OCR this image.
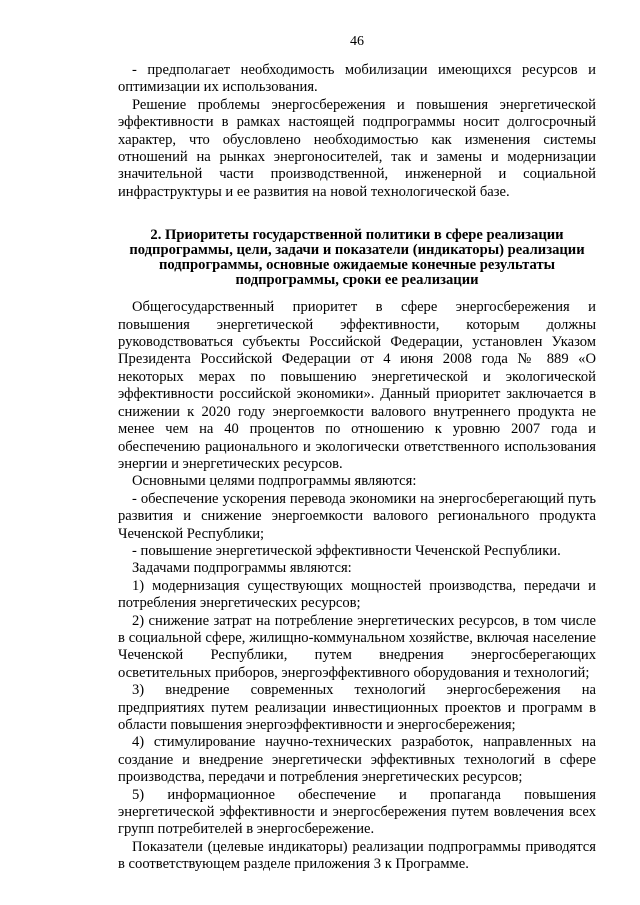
46

- предполагает необходимость мобилизации имеющихся ресурсов и оптимизации их использования.

Решение проблемы энергосбережения и повышения энергетической эффективности в рамках настоящей подпрограммы носит долгосрочный характер, что обусловлено необходимостью как изменения системы отношений на рынках энергоносителей, так и замены и модернизации значительной части производственной, инженерной и социальной инфраструктуры и ее развития на новой технологической базе.

2. Приоритеты государственной политики в сфере реализации
подпрограммы, цели, задачи и показатели (индикаторы) реализации
подпрограммы, основные ожидаемые конечные результаты
подпрограммы, сроки ее реализации

Общегосударственный приоритет в сфере энергосбережения и повышения энергетической эффективности, которым должны руководствоваться субъекты Российской Федерации, установлен Указом Президента Российской Федерации от 4 июня 2008 года № 889 «О некоторых мерах по повышению энергетической и экологической эффективности российской экономики». Данный приоритет заключается в снижении к 2020 году энергоемкости валового внутреннего продукта не менее чем на 40 процентов по отношению к уровню 2007 года и обеспечению рационального и экологически ответственного использования энергии и энергетических ресурсов.

Основными целями подпрограммы являются:

- обеспечение ускорения перевода экономики на энергосберегающий путь развития и снижение энергоемкости валового регионального продукта Чеченской Республики;

- повышение энергетической эффективности Чеченской Республики.

Задачами подпрограммы являются:

1) модернизация существующих мощностей производства, передачи и потребления энергетических ресурсов;

2) снижение затрат на потребление энергетических ресурсов, в том числе в социальной сфере, жилищно-коммунальном хозяйстве, включая население Чеченской Республики, путем внедрения энергосберегающих осветительных приборов, энергоэффективного оборудования и технологий;

3) внедрение современных технологий энергосбережения на предприятиях путем реализации инвестиционных проектов и программ в области повышения энергоэффективности и энергосбережения;

4) стимулирование научно-технических разработок, направленных на создание и внедрение энергетически эффективных технологий в сфере производства, передачи и потребления энергетических ресурсов;

5) информационное обеспечение и пропаганда повышения энергетической эффективности и энергосбережения путем вовлечения всех групп потребителей в энергосбережение.

Показатели (целевые индикаторы) реализации подпрограммы приводятся в соответствующем разделе приложения 3 к Программе.
